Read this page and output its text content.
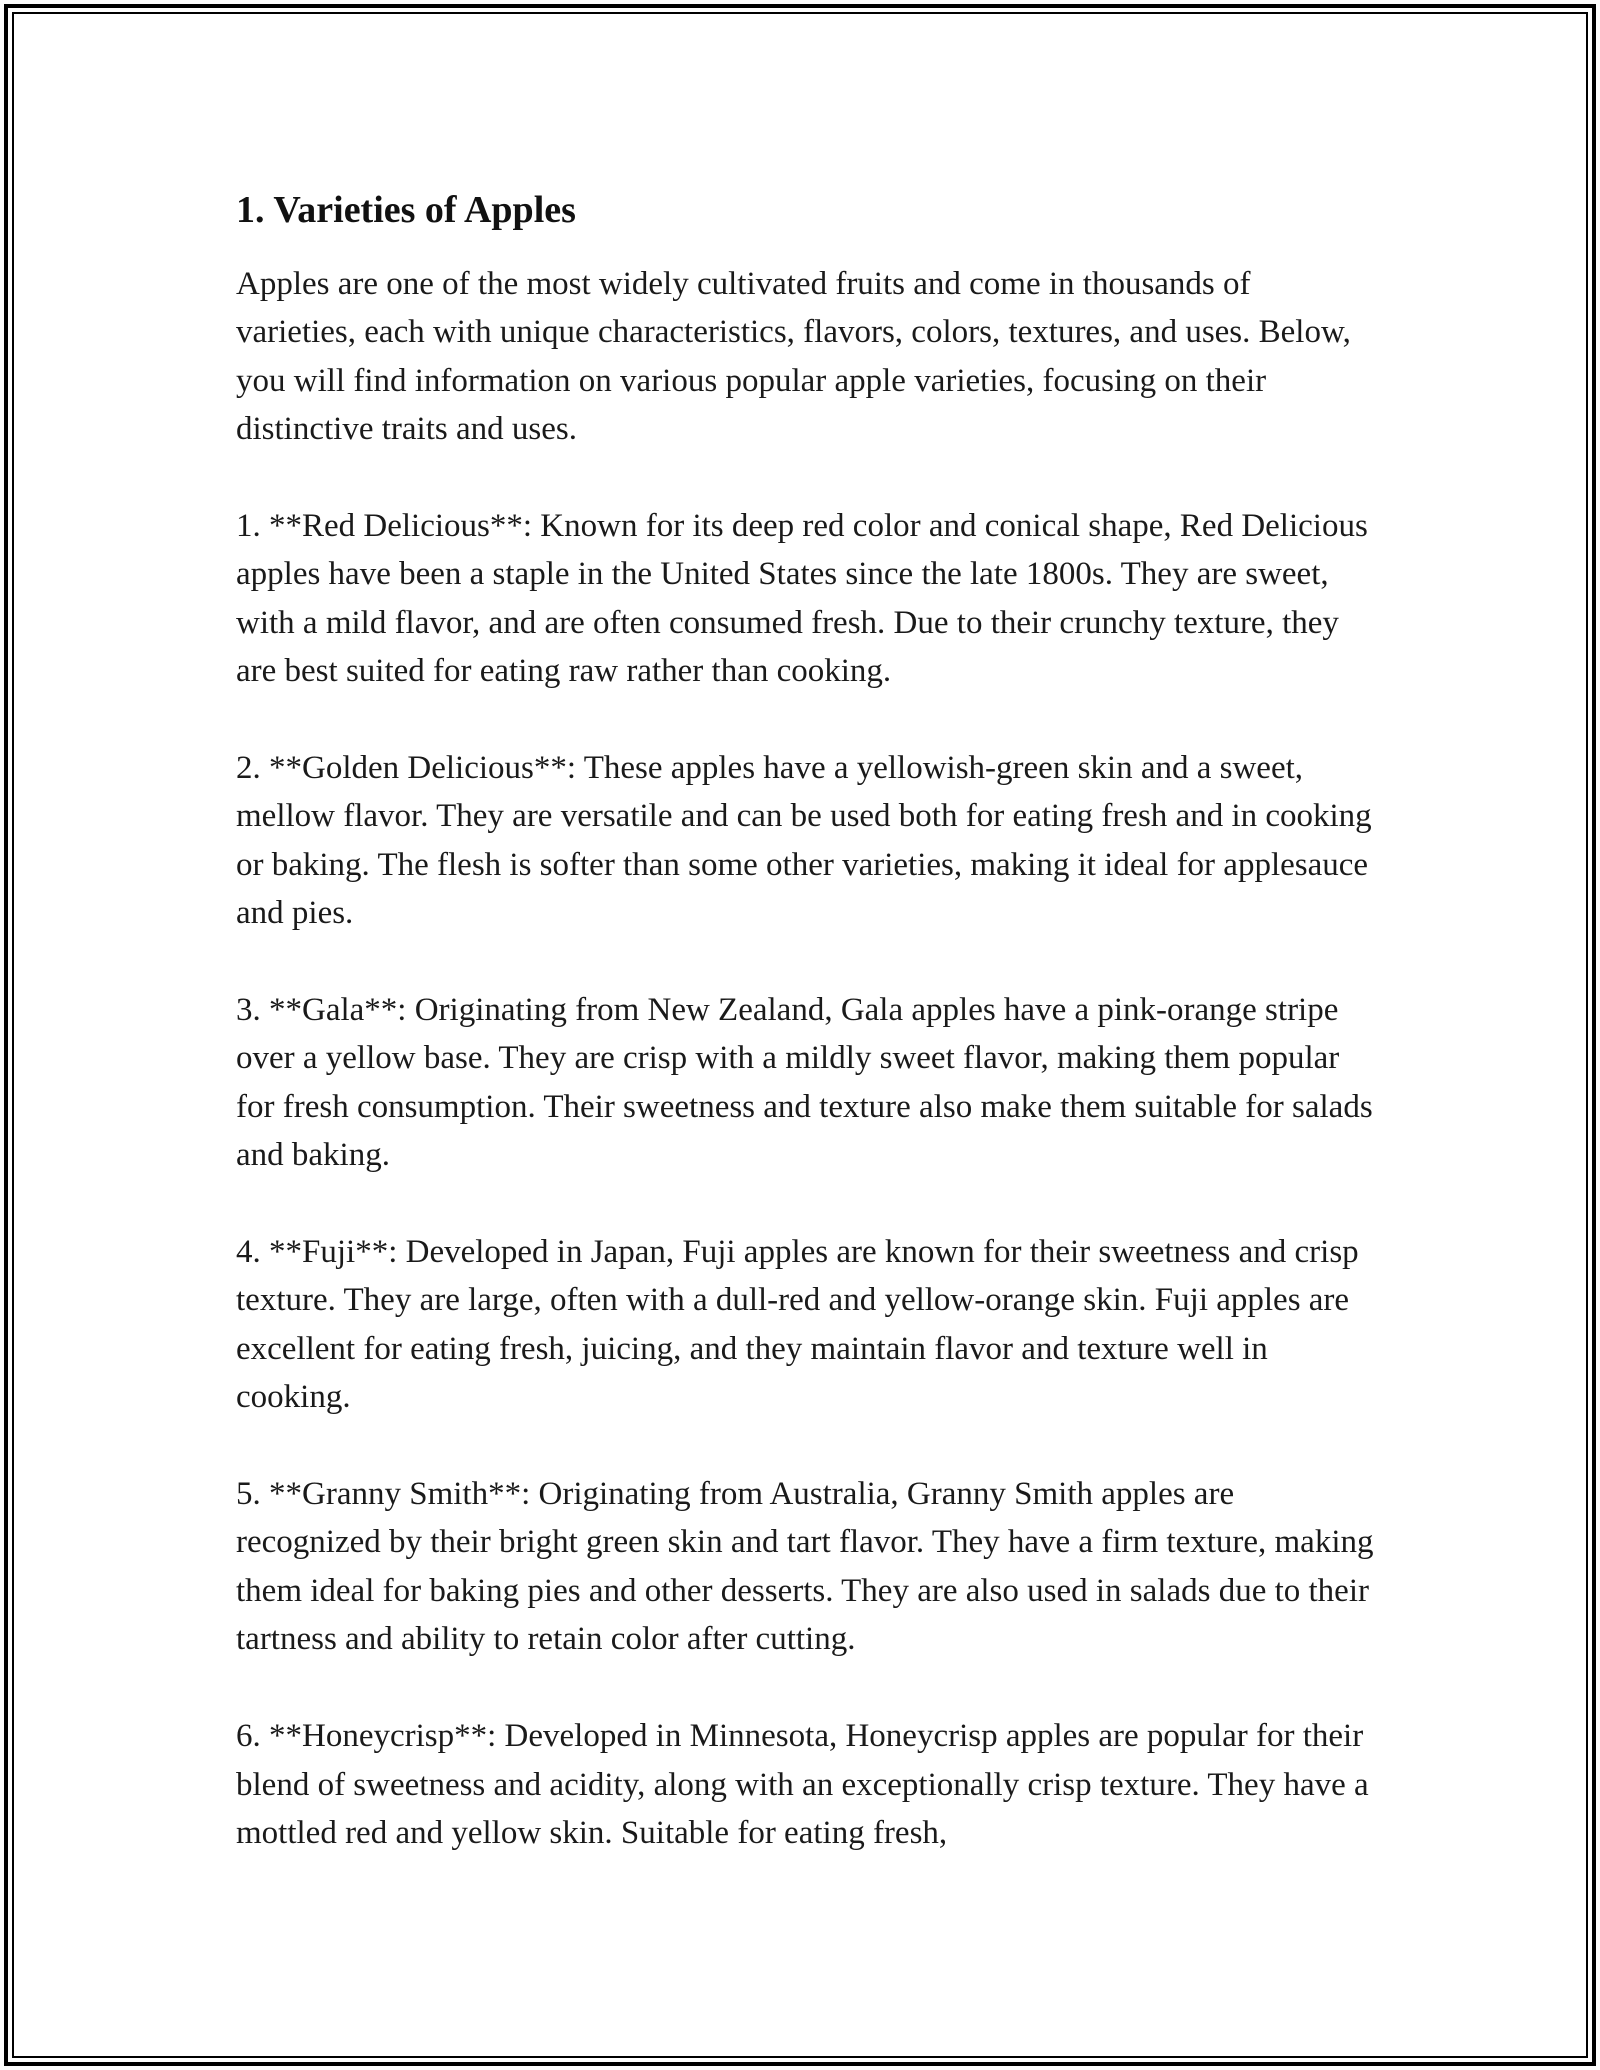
1. Varieties of Apples

Apples are one of the most widely cultivated fruits and come in thousands of varieties, each with unique characteristics, flavors, colors, textures, and uses. Below, you will find information on various popular apple varieties, focusing on their distinctive traits and uses.

1. **Red Delicious**: Known for its deep red color and conical shape, Red Delicious apples have been a staple in the United States since the late 1800s. They are sweet, with a mild flavor, and are often consumed fresh. Due to their crunchy texture, they are best suited for eating raw rather than cooking.

2. **Golden Delicious**: These apples have a yellowish-green skin and a sweet, mellow flavor. They are versatile and can be used both for eating fresh and in cooking or baking. The flesh is softer than some other varieties, making it ideal for applesauce and pies.

3. **Gala**: Originating from New Zealand, Gala apples have a pink-orange stripe over a yellow base. They are crisp with a mildly sweet flavor, making them popular for fresh consumption. Their sweetness and texture also make them suitable for salads and baking.

4. **Fuji**: Developed in Japan, Fuji apples are known for their sweetness and crisp texture. They are large, often with a dull-red and yellow-orange skin. Fuji apples are excellent for eating fresh, juicing, and they maintain flavor and texture well in cooking.

5. **Granny Smith**: Originating from Australia, Granny Smith apples are recognized by their bright green skin and tart flavor. They have a firm texture, making them ideal for baking pies and other desserts. They are also used in salads due to their tartness and ability to retain color after cutting.

6. **Honeycrisp**: Developed in Minnesota, Honeycrisp apples are popular for their blend of sweetness and acidity, along with an exceptionally crisp texture. They have a mottled red and yellow skin. Suitable for eating fresh,
